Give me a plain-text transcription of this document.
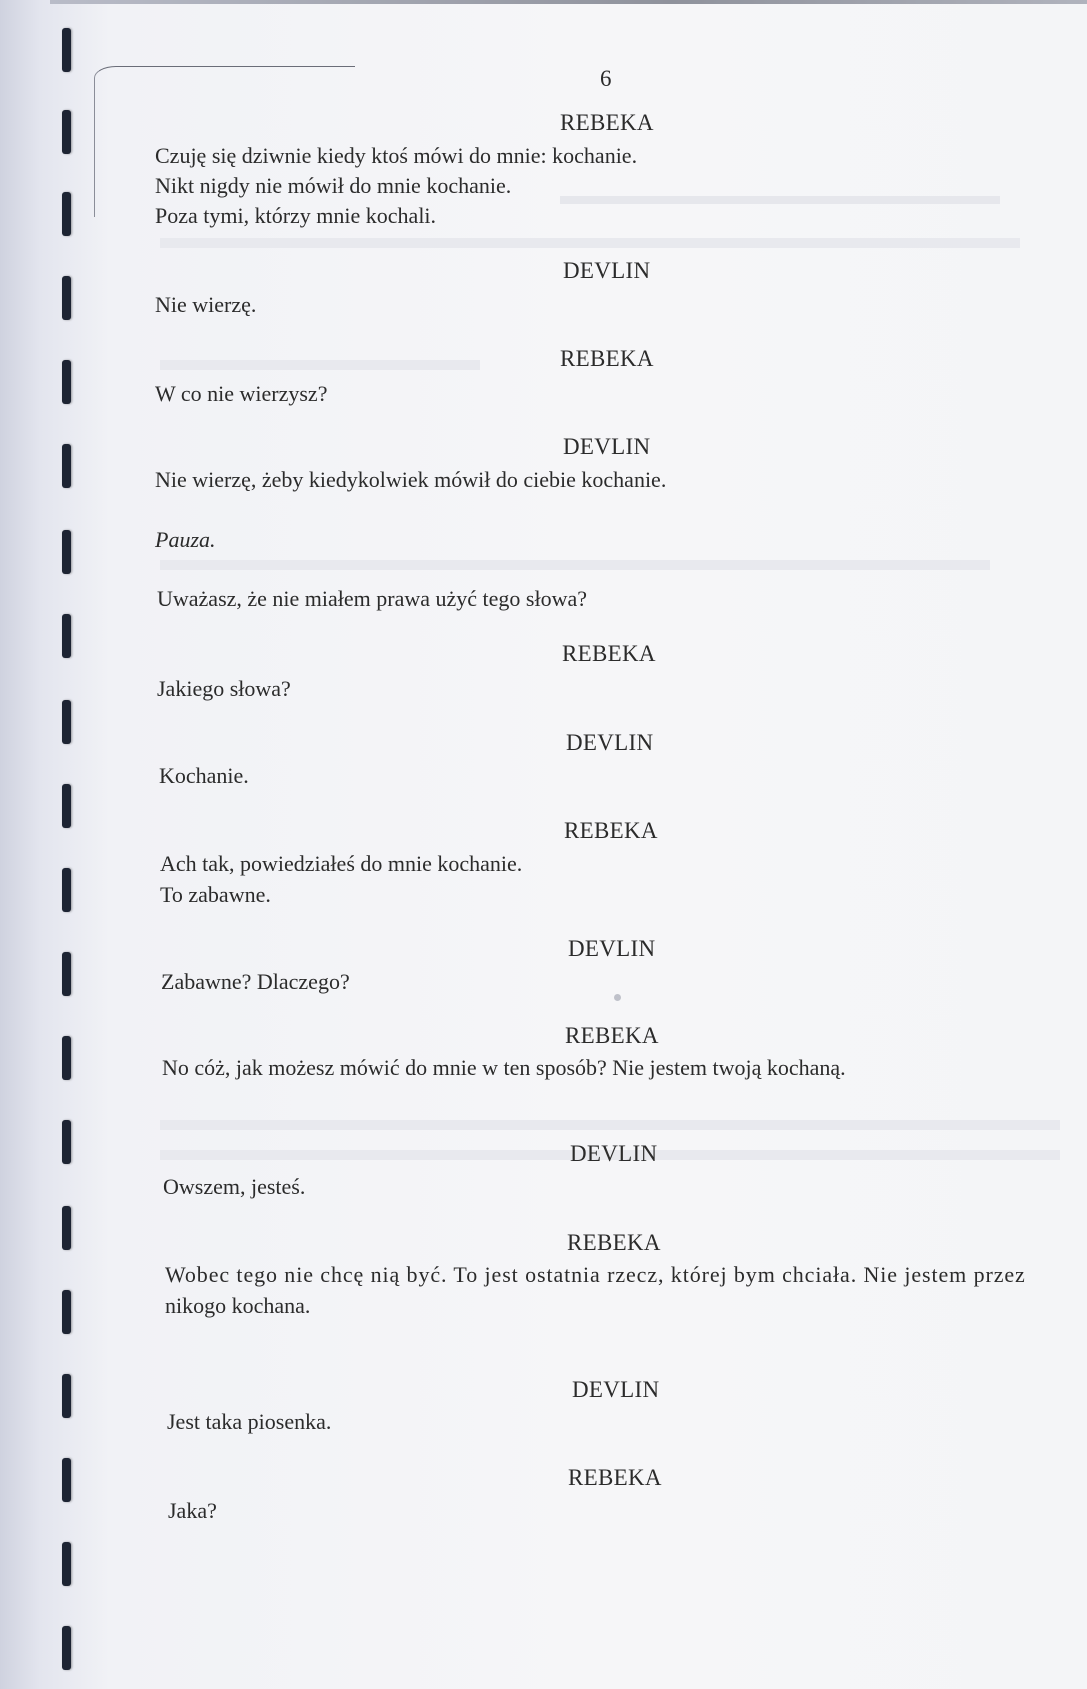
6
REBEKA
Czuję się dziwnie kiedy ktoś mówi do mnie: kochanie.
Nikt nigdy nie mówił do mnie kochanie.
Poza tymi, którzy mnie kochali.
DEVLIN
Nie wierzę.
REBEKA
W co nie wierzysz?
DEVLIN
Nie wierzę, żeby kiedykolwiek mówił do ciebie kochanie.
Pauza.
Uważasz, że nie miałem prawa użyć tego słowa?
REBEKA
Jakiego słowa?
DEVLIN
Kochanie.
REBEKA
Ach tak, powiedziałeś do mnie kochanie.
To zabawne.
DEVLIN
Zabawne? Dlaczego?
REBEKA
No cóż, jak możesz mówić do mnie w ten sposób? Nie jestem twoją kochaną.
DEVLIN
Owszem, jesteś.
REBEKA
Wobec tego nie chcę nią być. To jest ostatnia rzecz, której bym chciała. Nie jestem przez
nikogo kochana.
DEVLIN
Jest taka piosenka.
REBEKA
Jaka?
